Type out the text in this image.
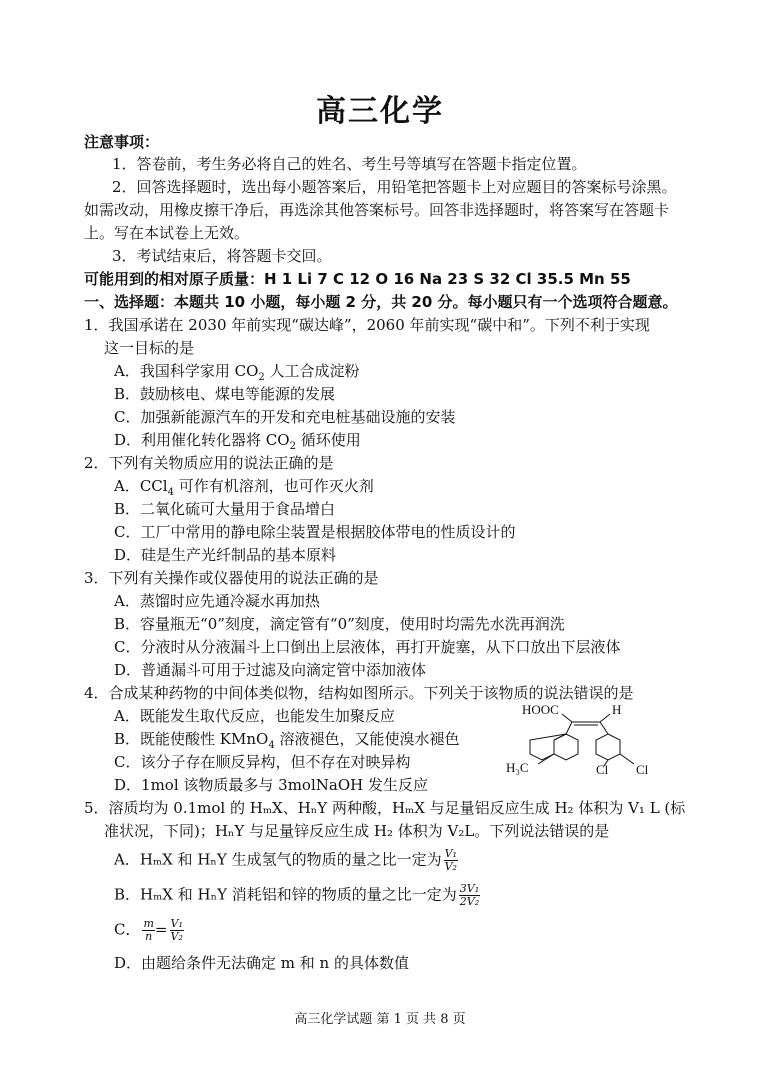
高三化学
注意事项：
1．答卷前，考生务必将自己的姓名、考生号等填写在答题卡指定位置。
2．回答选择题时，选出每小题答案后，用铅笔把答题卡上对应题目的答案标号涂黑。
如需改动，用橡皮擦干净后，再选涂其他答案标号。回答非选择题时，将答案写在答题卡
上。写在本试卷上无效。
3．考试结束后，将答题卡交回。
可能用到的相对原子质量：H 1 Li 7 C 12 O 16 Na 23 S 32 Cl 35.5 Mn 55
一、选择题：本题共 10 小题，每小题 2 分，共 20 分。每小题只有一个选项符合题意。
1．我国承诺在 2030 年前实现“碳达峰”，2060 年前实现“碳中和”。下列不利于实现
这一目标的是
A．我国科学家用 $CO_2$ 人工合成淀粉
B．鼓励核电、煤电等能源的发展
C．加强新能源汽车的开发和充电桩基础设施的安装
D．利用催化转化器将 $CO_2$ 循环使用
2．下列有关物质应用的说法正确的是
A．CCl$_4$ 可作有机溶剂，也可作灭火剂
B．二氧化硫可大量用于食品增白
C．工厂中常用的静电除尘装置是根据胶体带电的性质设计的
D．硅是生产光纤制品的基本原料
3．下列有关操作或仪器使用的说法正确的是
A．蒸馏时应先通冷凝水再加热
B．容量瓶无“0”刻度，滴定管有“0”刻度，使用时均需先水洗再润洗
C．分液时从分液漏斗上口倒出上层液体，再打开旋塞，从下口放出下层液体
D．普通漏斗可用于过滤及向滴定管中添加液体
4．合成某种药物的中间体类似物，结构如图所示。下列关于该物质的说法错误的是
A．既能发生取代反应，也能发生加聚反应
B．既能使酸性 KMnO$_4$ 溶液褪色，又能使溴水褪色
C．该分子存在顺反异构，但不存在对映异构
D．1mol 该物质最多与 3molNaOH 发生反应
HOOC	H
H₃C	Cl Cl
5．溶质均为 0.1mol 的 HₘX、HₙY 两种酸，HₘX 与足量铝反应生成 H₂ 体积为 V₁ L (标
准状况，下同)；HₙY 与足量锌反应生成 H₂ 体积为 V₂L。下列说法错误的是
A．HₘX 和 HₙY 生成氢气的物质的量之比一定为 $\frac{\text{V₁}}{\text{V₂}}$
B．HₘX 和 HₙY 消耗铝和锌的物质的量之比一定为 $\frac{\text{3V₁}}{\text{2V₂}}$
C． $\frac{m}{n} = \frac{\text{V₁}}{\text{V₂}}$
D．由题给条件无法确定 m 和 n 的具体数值
高三化学试题 第 1 页 共 8 页
